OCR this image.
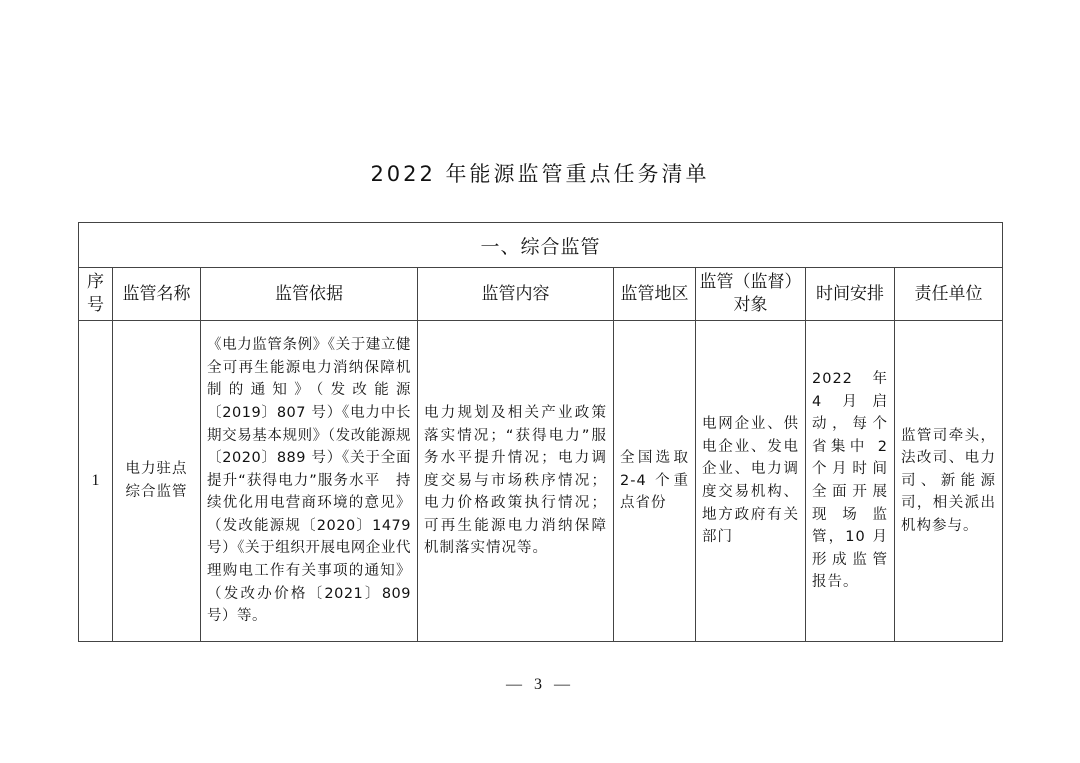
2022 年能源监管重点任务清单
一、综合监管							
序号	监管名称	监管依据	监管内容	监管地区	监管（监督）对象	时间安排	责任单位
1	电力驻点综合监管	《电力监管条例》《关于建立健全可再生能源电力消纳保障机制的通知》（发改能源〔2019〕807 号）《电力中长期交易基本规则》（发改能源规〔2020〕889 号）《关于全面提升“获得电力”服务水平　持续优化用电营商环境的意见》（发改能源规〔2020〕1479 号）《关于组织开展电网企业代理购电工作有关事项的通知》（发改办价格〔2021〕809 号）等。	电力规划及相关产业政策落实情况；“获得电力”服务水平提升情况；电力调度交易与市场秩序情况；电力价格政策执行情况；可再生能源电力消纳保障机制落实情况等。	全国选取 2-4 个重点省份	电网企业、供电企业、发电企业、电力调度交易机构、地方政府有关部门	2022 年 4 月启动，每个省集中 2 个月时间全面开展现场监管，10 月形成监管报告。	监管司牵头，法改司、电力司、新能源司，相关派出机构参与。
— 3 —
